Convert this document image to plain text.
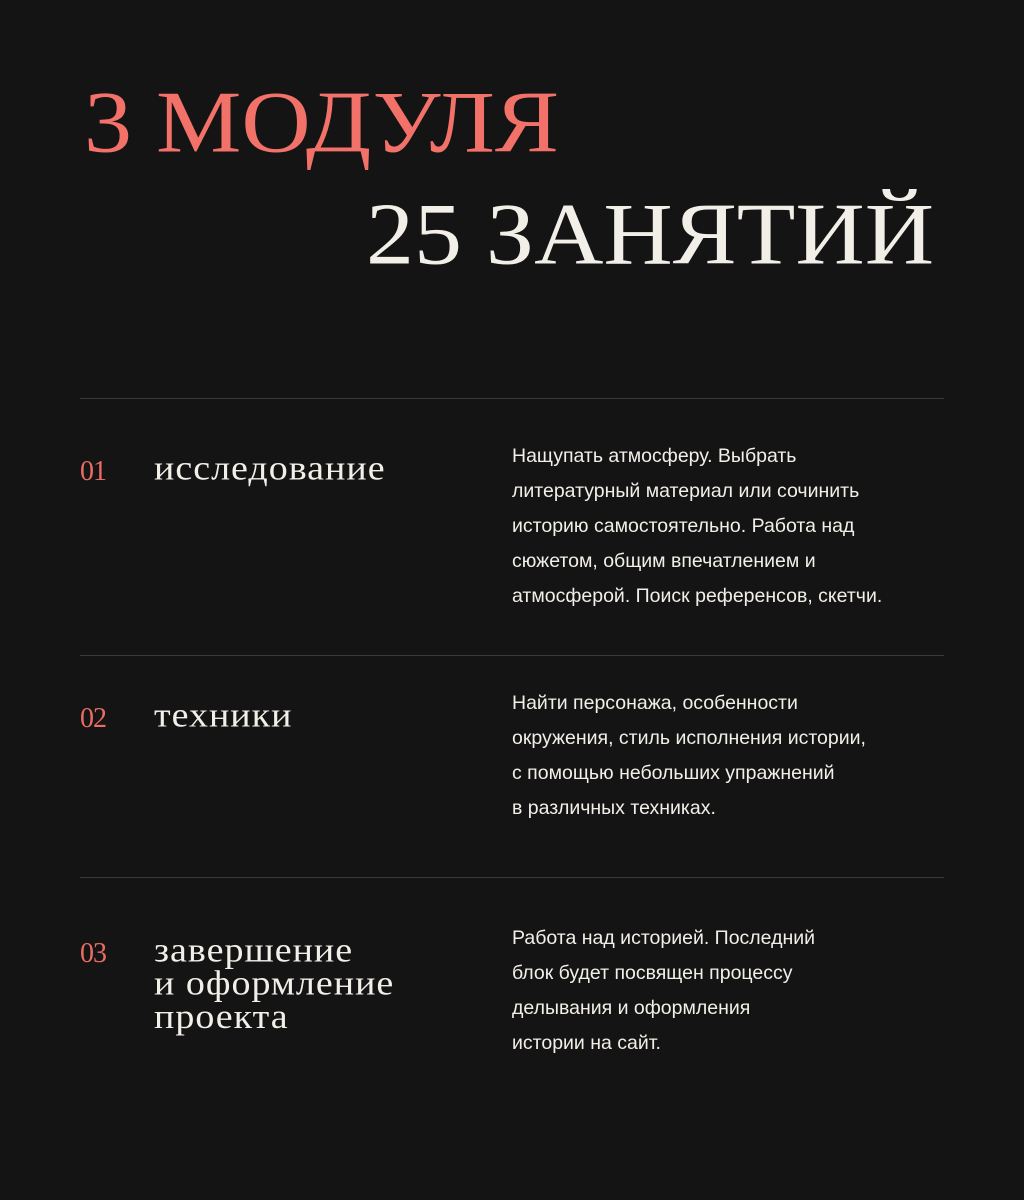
3 МОДУЛЯ
25 ЗАНЯТИЙ
01 исследование	Нащупать атмосферу. Выбрать
литературный материал или сочинить
историю самостоятельно. Работа над
сюжетом, общим впечатлением и
атмосферой. Поиск референсов, скетчи.
02 техники	Найти персонажа, особенности
окружения, стиль исполнения истории,
с помощью небольших упражнений
в различных техниках.
03 завершение
и оформление
проекта
Работа над историей. Последний
блок будет посвящен процессу
делывания и оформления
истории на сайт.
